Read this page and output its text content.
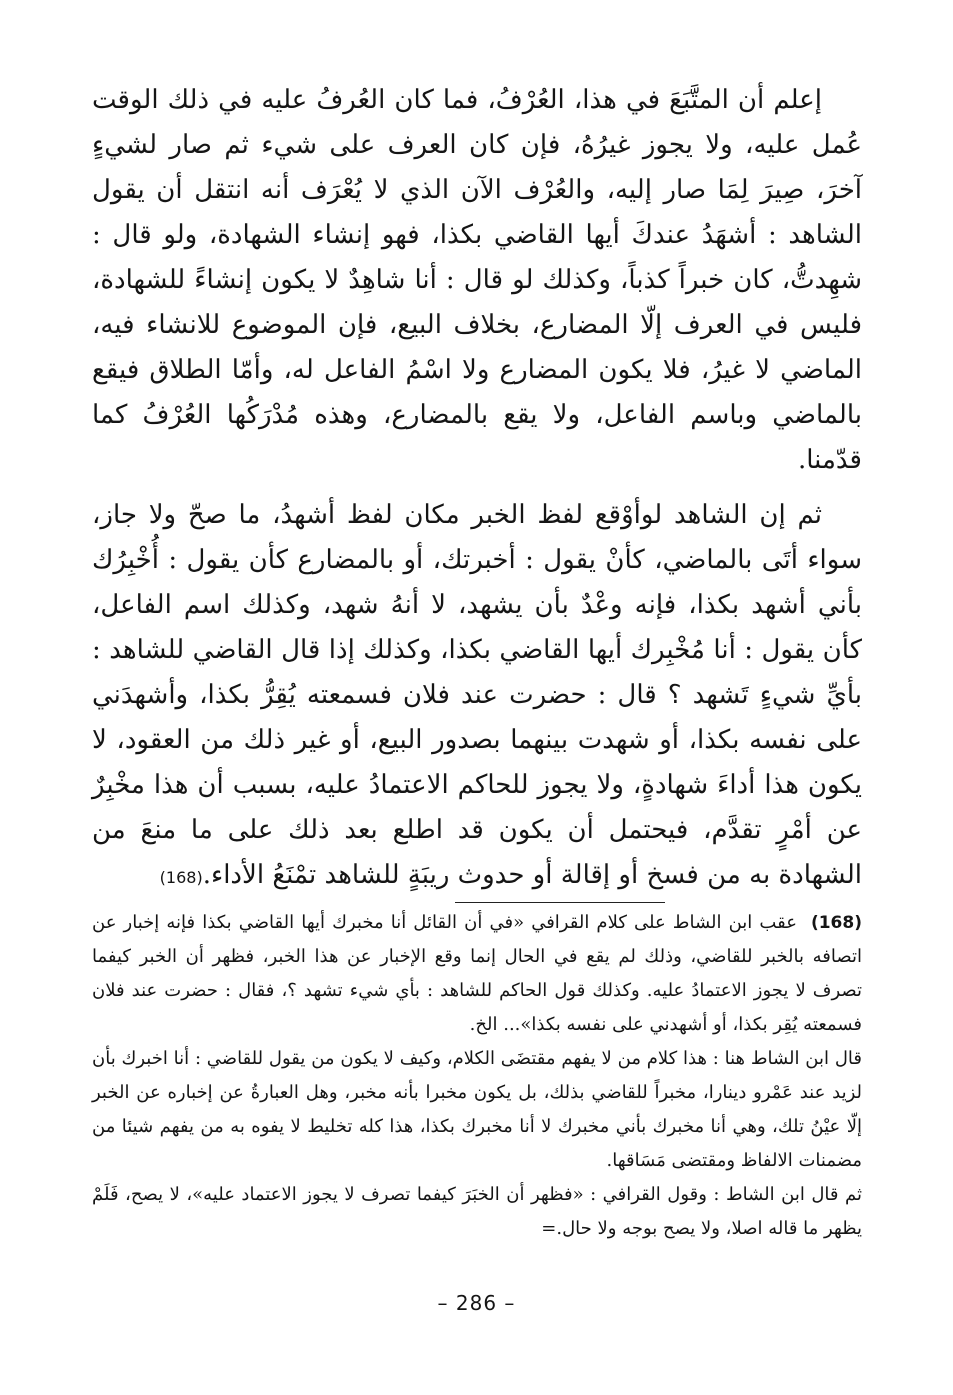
إعلم أن المتَّبَعَ في هذا، العُرْفُ، فما كان العُرفُ عليه في ذلك الوقت عُمل عليه، ولا يجوز غيرُهُ، فإن كان العرف على شيء ثم صار لشيءٍ آخرَ، صِيرَ لِمَا صار إليه، والعُرْف الآن الذي لا يُعْرَف أنه انتقل أن يقول الشاهد : أشهَدُ عندكَ أيها القاضي بكذا، فهو إنشاء الشهادة، ولو قال : شهِدتُّ، كان خبراً كذباً، وكذلك لو قال : أنا شاهِدٌ لا يكون إنشاءً للشهادة، فليس في العرف إلّا المضارع، بخلاف البيع، فإن الموضوع للانشاء فيه، الماضي لا غيرُ، فلا يكون المضارع ولا اسْمُ الفاعل له، وأمّا الطلاق فيقع بالماضي وباسم الفاعل، ولا يقع بالمضارع، وهذه مُدْرَكُها العُرْفُ كما قدّمنا.

ثم إن الشاهد لوأوْقع لفظ الخبر مكان لفظ أشهدُ، ما صحّ ولا جاز، سواء أتَى بالماضي، كأنْ يقول : أخبرتك، أو بالمضارع كأن يقول : أُخْبِرُك بأني أشهد بكذا، فإنه وعْدٌ بأن يشهد، لا أنهُ شهد، وكذلك اسم الفاعل، كأن يقول : أنا مُخْبِرك أيها القاضي بكذا، وكذلك إذا قال القاضي للشاهد : بأيِّ شيءٍ تَشهد ؟ قال : حضرت عند فلان فسمعته يُقِرُّ بكذا، وأشهدَني على نفسه بكذا، أو شهدت بينهما بصدور البيع، أو غير ذلك من العقود، لا يكون هذا أداءَ شهادةٍ، ولا يجوز للحاكم الاعتمادُ عليه، بسبب أن هذا مخْبِرٌ عن أمْرٍ تقدَّم، فيحتمل أن يكون قد اطلع بعد ذلك على ما منعَ من الشهادة به من فسخ أو إقالة أو حدوث ريبَةٍ للشاهد تمْنَعُ الأداء.(168)

(168)عقب ابن الشاط على كلام القرافي «في أن القائل أنا مخبرك أيها القاضي بكذا فإنه إخبار عن اتصافه بالخبر للقاضي، وذلك لم يقع في الحال إنما وقع الإخبار عن هذا الخبر، فظهر أن الخبر كيفما تصرف لا يجوز الاعتمادُ عليه. وكذلك قول الحاكم للشاهد : بأي شيء تشهد ؟، فقال : حضرت عند فلان فسمعته يُقِر بكذا، أو أشهدني على نفسه بكذا»... الخ.

قال ابن الشاط هنا : هذا كلام من لا يفهم مقتضَى الكلام، وكيف لا يكون من يقول للقاضي : أنا اخبرك بأن لزيد عند عَمْرو دينارا، مخبراً للقاضي بذلك، بل يكون مخبرا بأنه مخبر، وهل العبارةُ عن إخباره عن الخبر إلّا عيْنُ تلك، وهي أنا مخبرك بأني مخبرك لا أنا مخبرك بكذا، هذا كله تخليط لا يفوه به من يفهم شيئا من مضمنات الالفاظ ومقتضى مَسَاقها.

ثم قال ابن الشاط : وقول القرافي : «فظهر أن الخبَرَ كيفما تصرف لا يجوز الاعتماد عليه»، لا يصح، فَلَمْ يظهر ما قاله اصلا، ولا يصح بوجه ولا حال.=

– 286 –
